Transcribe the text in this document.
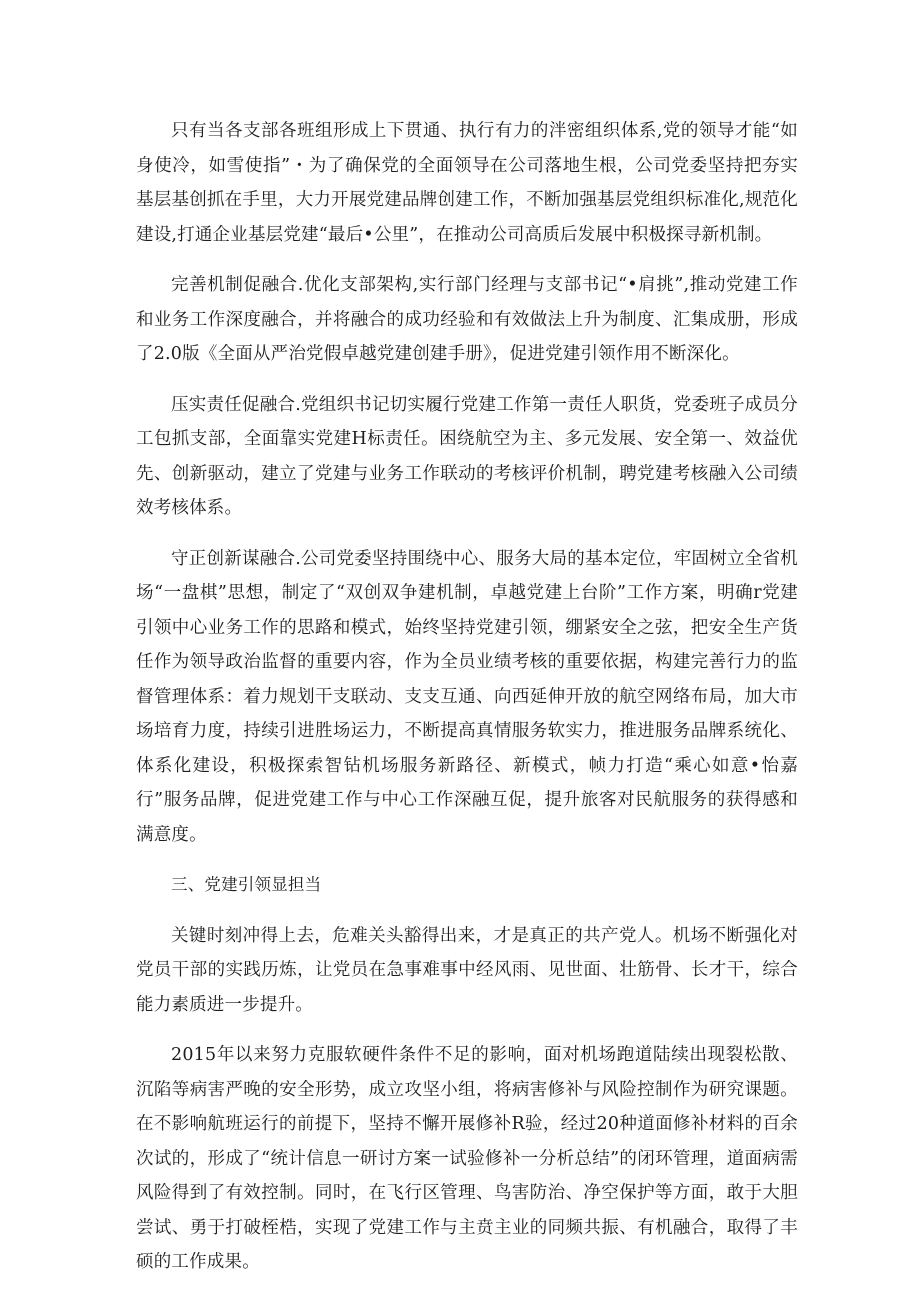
只有当各支部各班组形成上下贯通、执行有力的泮密组织体系,党的领导才能“如身使冷，如雪使指”・为了确保党的全面领导在公司落地生根，公司党委坚持把夯实基层基创抓在手里，大力开展党建品牌创建工作，不断加强基层党组织标准化,规范化建设,打通企业基层党建“最后•公里”，在推动公司高质后发展中积极探寻新机制。

完善机制促融合.优化支部架构,实行部门经理与支部书记“•肩挑”,推动党建工作和业务工作深度融合，并将融合的成功经验和有效做法上升为制度、汇集成册，形成了2.0版《全面从严治党假卓越党建创建手册》，促进党建引领作用不断深化。

压实责任促融合.党组织书记切实履行党建工作第一责任人职货，党委班子成员分工包抓支部，全面靠实党建H标责任。困绕航空为主、多元发展、安全第一、效益优先、创新驱动，建立了党建与业务工作联动的考核评价机制，聘党建考核融入公司绩效考核体系。

守正创新谋融合.公司党委坚持围绕中心、服务大局的基本定位，牢固树立全省机场“一盘棋”思想，制定了“双创双争建机制，卓越党建上台阶”工作方案，明确r党建引领中心业务工作的思路和模式，始终坚持党建引领，绷紧安全之弦，把安全生产货任作为领导政治监督的重要内容，作为全员业绩考核的重要依据，构建完善行力的监督管理体系：着力规划干支联动、支支互通、向西延伸开放的航空网络布局，加大市场培育力度，持续引进胜场运力，不断提高真情服务软实力，推进服务品牌系统化、体系化建设，积极探索智钻机场服务新路径、新模式，帧力打造“乘心如意•怡嘉行”服务品牌，促进党建工作与中心工作深融互促，提升旅客对民航服务的获得感和满意度。

三、党建引领显担当

关键时刻冲得上去，危难关头豁得出来，才是真正的共产党人。机场不断强化对党员干部的实践历炼，让党员在急事难事中经风雨、见世面、壮筋骨、长才干，综合能力素质进一步提升。

2015年以来努力克服软硬件条件不足的影响，面对机场跑道陆续出现裂松散、沉陷等病害严晚的安全形势，成立攻坚小组，将病害修补与风险控制作为研究课题。在不影响航班运行的前提下，坚持不懈开展修补R验，经过20种道面修补材料的百余次试的，形成了“统计信息一研讨方案一试验修补一分析总结”的闭环管理，道面病需风险得到了有效控制。同时，在飞行区管理、鸟害防治、净空保护等方面，敢于大胆尝试、勇于打破桎梏，实现了党建工作与主贲主业的同频共振、有机融合，取得了丰硕的工作成果。
